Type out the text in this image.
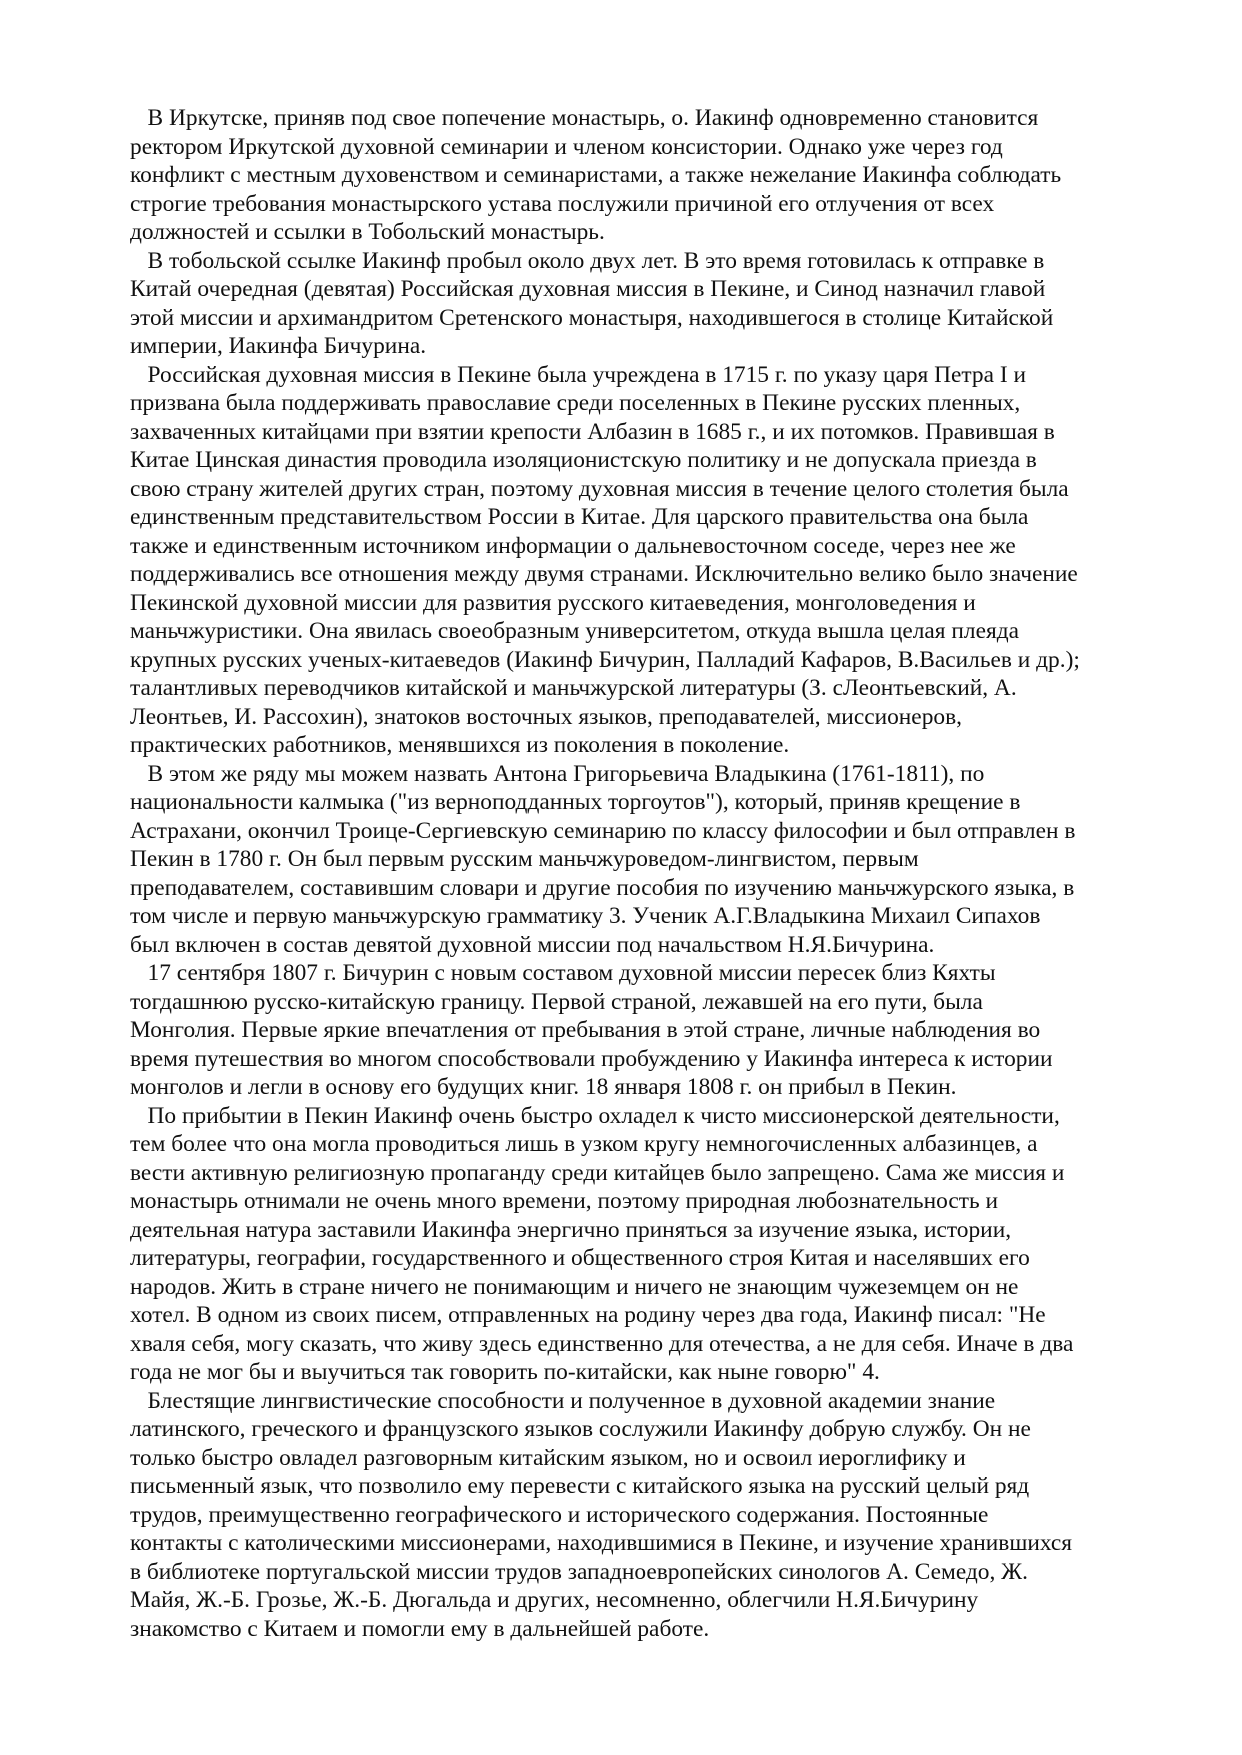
В Иркутске, приняв под свое попечение монастырь, о. Иакинф одновременно становится
ректором Иркутской духовной семинарии и членом консистории. Однако уже через год
конфликт с местным духовенством и семинаристами, а также нежелание Иакинфа соблюдать
строгие требования монастырского устава послужили причиной его отлучения от всех
должностей и ссылки в Тобольский монастырь.

В тобольской ссылке Иакинф пробыл около двух лет. В это время готовилась к отправке в
Китай очередная (девятая) Российская духовная миссия в Пекине, и Синод назначил главой
этой миссии и архимандритом Сретенского монастыря, находившегося в столице Китайской
империи, Иакинфа Бичурина.

Российская духовная миссия в Пекине была учреждена в 1715 г. по указу царя Петра I и
призвана была поддерживать православие среди поселенных в Пекине русских пленных,
захваченных китайцами при взятии крепости Албазин в 1685 г., и их потомков. Правившая в
Китае Цинская династия проводила изоляционистскую политику и не допускала приезда в
свою страну жителей других стран, поэтому духовная миссия в течение целого столетия была
единственным представительством России в Китае. Для царского правительства она была
также и единственным источником информации о дальневосточном соседе, через нее же
поддерживались все отношения между двумя странами. Исключительно велико было значение
Пекинской духовной миссии для развития русского китаеведения, монголоведения и
маньчжуристики. Она явилась своеобразным университетом, откуда вышла целая плеяда
крупных русских ученых-китаеведов (Иакинф Бичурин, Палладий Кафаров, В.Васильев и др.);
талантливых переводчиков китайской и маньчжурской литературы (З. сЛеонтьевский, А.
Леонтьев, И. Рассохин), знатоков восточных языков, преподавателей, миссионеров,
практических работников, менявшихся из поколения в поколение.

В этом же ряду мы можем назвать Антона Григорьевича Владыкина (1761-1811), по
национальности калмыка ("из верноподданных торгоутов"), который, приняв крещение в
Астрахани, окончил Троице-Сергиевскую семинарию по классу философии и был отправлен в
Пекин в 1780 г. Он был первым русским маньчжуроведом-лингвистом, первым
преподавателем, составившим словари и другие пособия по изучению маньчжурского языка, в
том числе и первую маньчжурскую грамматику 3. Ученик А.Г.Владыкина Михаил Сипахов
был включен в состав девятой духовной миссии под начальством Н.Я.Бичурина.

17 сентября 1807 г. Бичурин с новым составом духовной миссии пересек близ Кяхты
тогдашнюю русско-китайскую границу. Первой страной, лежавшей на его пути, была
Монголия. Первые яркие впечатления от пребывания в этой стране, личные наблюдения во
время путешествия во многом способствовали пробуждению у Иакинфа интереса к истории
монголов и легли в основу его будущих книг. 18 января 1808 г. он прибыл в Пекин.

По прибытии в Пекин Иакинф очень быстро охладел к чисто миссионерской деятельности,
тем более что она могла проводиться лишь в узком кругу немногочисленных албазинцев, а
вести активную религиозную пропаганду среди китайцев было запрещено. Сама же миссия и
монастырь отнимали не очень много времени, поэтому природная любознательность и
деятельная натура заставили Иакинфа энергично приняться за изучение языка, истории,
литературы, географии, государственного и общественного строя Китая и населявших его
народов. Жить в стране ничего не понимающим и ничего не знающим чужеземцем он не
хотел. В одном из своих писем, отправленных на родину через два года, Иакинф писал: "Не
хваля себя, могу сказать, что живу здесь единственно для отечества, а не для себя. Иначе в два
года не мог бы и выучиться так говорить по-китайски, как ныне говорю" 4.

Блестящие лингвистические способности и полученное в духовной академии знание
латинского, греческого и французского языков сослужили Иакинфу добрую службу. Он не
только быстро овладел разговорным китайским языком, но и освоил иероглифику и
письменный язык, что позволило ему перевести с китайского языка на русский целый ряд
трудов, преимущественно географического и исторического содержания. Постоянные
контакты с католическими миссионерами, находившимися в Пекине, и изучение хранившихся
в библиотеке португальской миссии трудов западноевропейских синологов А. Семедо, Ж.
Майя, Ж.-Б. Грозье, Ж.-Б. Дюгальда и других, несомненно, облегчили Н.Я.Бичурину
знакомство с Китаем и помогли ему в дальнейшей работе.
